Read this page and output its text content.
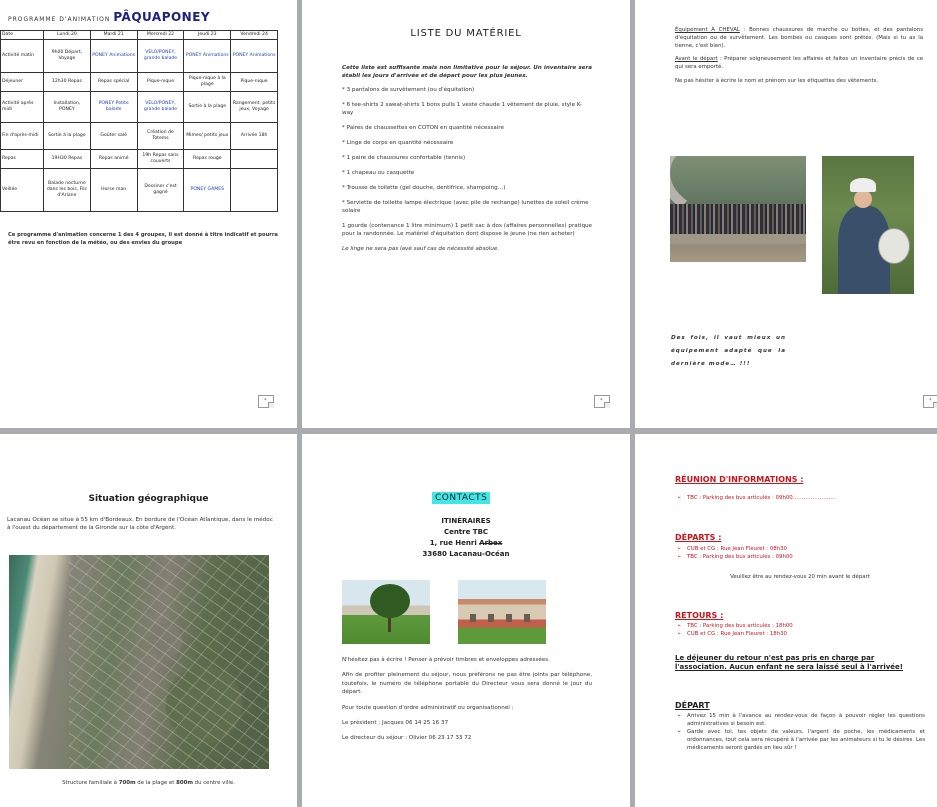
PROGRAMME D'ANIMATION PÂQUAPONEY
Date	Lundi 20	Mardi 21	Mercredi 22	Jeudi 23	Vendredi 24
Activité matin	9h00 Départ, Voyage	PONEY Animations	VELO/PONEY, grande balade	PONEY Animations	PONEY Animations
Déjeuner	12h30 Repas	Repas spécial	Pique-nique	Pique-nique à la plage	Pique-nique
Activité après midi	Installation, PONEY	PONEY Petite balade	VELO/PONEY, grande balade	Sortie à la plage	Rangement, petits jeux, Voyage
Fin d'après-midi	Sortie à la plage	Goûter salé	Création de Totems	Mimes/ petits jeux	Arrivée 18h
Repas	19H30 Repas	Repas animé	19h Repas sans couverts	Repas rouge	
Veillée	Balade nocturne dans les bois, Fils d'Ariane	Horse man	Dessiner c'est gagné	PONEY GAMES	
Ce programme d'animation concerne 1 des 4 groupes, il est donné à titre indicatif et pourra être revu en fonction de la météo, ou des envies du groupe
*
LISTE DU MATÉRIEL
Cette liste est suffisante mais non limitative pour le séjour. Un inventaire sera établi les jours d'arrivée et de départ pour les plus jeunes.
* 3 pantalons de survêtement (ou d'équitation)
* 6 tee-shirts 2 sweat-shirts 1 bons pulls 1 veste chaude 1 vêtement de pluie, style K-way
* Paires de chaussettes en COTON en quantité nécessaire
* Linge de corps en quantité nécessaire
* 1 paire de chaussures confortable (tennis)
* 1 chapeau ou casquette
* Trousse de toilette (gel douche, dentifrice, shampoing…)
* Serviette de toilette lampe électrique (avec pile de rechange) lunettes de soleil crème solaire
1 gourde (contenance 1 litre minimum) 1 petit sac à dos (affaires personnelles) pratique pour la randonnée. Le matériel d'équitation dont dispose le jeune (ne rien acheter)
Le linge ne sera pas lavé sauf cas de nécessité absolue.
*

Équipement À CHEVAL : Bonnes chaussures de marche ou bottes, et des pantalons d'équitation ou de survêtement. Les bombes ou casques sont prêtés. (Mais si tu as la tienne, c'est bien).

Avant le départ : Préparer soigneusement les affaires et faites un inventaire précis de ce qui sera emporté.

Ne pas hésiter à écrire le nom et prénom sur les étiquettes des vêtements.

Des fois, il vaut mieux un équipement adapté que la dernière mode… !!!
*
Situation géographique
Lacanau Océan se situe à 55 km d'Bordeaux. En bordure de l'Océan Atlantique, dans le médoc à l'ouest du département de la Gironde sur la côte d'Argent.
Structure familiale à 700m de la plage et 800m du centre ville.
CONTACTS
ITINÉRAIRES
Centre TBC
1, rue Henri Arbex
33680 Lacanau-Océan

N'hésitez pas à écrire ! Penser à prévoir timbres et enveloppes adressées.

Afin de profiter pleinement du séjour, nous préférons ne pas être joints par téléphone, toutefois, le numéro de téléphone portable du Directeur vous sera donné le jour du départ.

Pour toute question d'ordre administratif ou organisationnel :

Le président : Jacques 06 14 25 16 37

Le directeur du séjour : Olivier 06 23 17 33 72

RÉUNION D'INFORMATIONS :
➢ TBC : Parking des bus articulés : 09h00……………………
DÉPARTS :
➢ CUB et CG : Rue Jean Fleuret : 08h30
➢ TBC : Parking des bus articulés : 09h00
Veuillez être au rendez-vous 20 min avant le départ
RETOURS :
➢ TBC : Parking des bus articulés : 18h00
➢ CUB et CG : Rue Jean Fleuret : 18h30
Le déjeuner du retour n'est pas pris en charge par l'association. Aucun enfant ne sera laissé seul à l'arrivée!
DÉPART
➢ Arrivez 15 min à l'avance au rendez-vous de façon à pouvoir régler les questions administratives si besoin est.
➢ Garde avec toi, tes objets de valeurs, l'argent de poche, les médicaments et ordonnances, tout cela sera récupéré à l'arrivée par les animateurs si tu le désires. Les médicaments seront gardés en lieu sûr !
